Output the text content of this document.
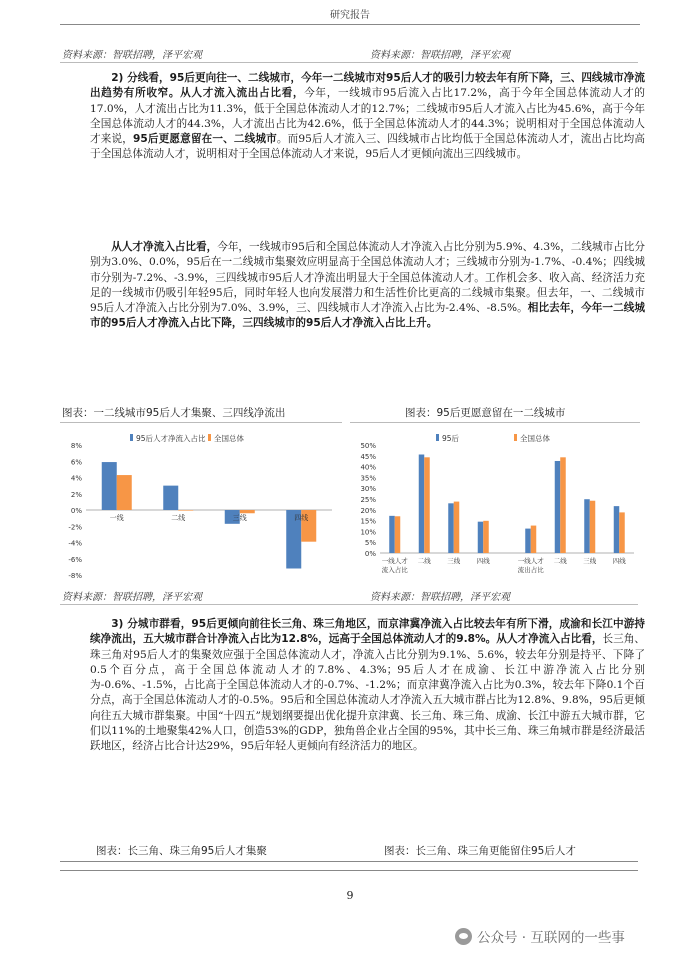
研究报告
资料来源：智联招聘，泽平宏观	资料来源：智联招聘，泽平宏观
2) 分线看，95后更向往一、二线城市，今年一二线城市对95后人才的吸引力较去年有所下降，三、四线城市净流出趋势有所收窄。从人才流入流出占比看，今年，一线城市95后流入占比17.2%，高于今年全国总体流动人才的17.0%，人才流出占比为11.3%，低于全国总体流动人才的12.7%；二线城市95后人才流入占比为45.6%，高于今年全国总体流动人才的44.3%，人才流出占比为42.6%，低于全国总体流动人才的44.3%；说明相对于全国总体流动人才来说，95后更愿意留在一、二线城市。而95后人才流入三、四线城市占比均低于全国总体流动人才，流出占比均高于全国总体流动人才，说明相对于全国总体流动人才来说，95后人才更倾向流出三四线城市。
从人才净流入占比看，今年，一线城市95后和全国总体流动人才净流入占比分别为5.9%、4.3%，二线城市占比分别为3.0%、0.0%，95后在一二线城市集聚效应明显高于全国总体流动人才；三线城市分别为-1.7%、-0.4%；四线城市分别为-7.2%、-3.9%，三四线城市95后人才净流出明显大于全国总体流动人才。工作机会多、收入高、经济活力充足的一线城市仍吸引年轻95后，同时年轻人也向发展潜力和生活性价比更高的二线城市集聚。但去年，一、二线城市95后人才净流入占比分别为7.0%、3.9%，三、四线城市人才净流入占比为-2.4%、-8.5%。相比去年，今年一二线城市的95后人才净流入占比下降，三四线城市的95后人才净流入占比上升。
图表：一二线城市95后人才集聚、三四线净流出	图表：95后更愿意留在一二线城市
95后人才净流入占比 全国总体
8%
6%
4%
2%
0%
-2%
-4%
-6%
-8%
一线	二线	三线	四线
95后	全国总体
50%
45%
40%
35%
30%
25%
20%
15%
10%
5%
0%
一线人才
流入占比
二线	三线	四线	一线人才
流出占比
二线	三线	四线
资料来源：智联招聘，泽平宏观	资料来源：智联招聘，泽平宏观
3) 分城市群看，95后更倾向前往长三角、珠三角地区，而京津冀净流入占比较去年有所下滑，成渝和长江中游持续净流出，五大城市群合计净流入占比为12.8%，远高于全国总体流动人才的9.8%。从人才净流入占比看，长三角、珠三角对95后人才的集聚效应强于全国总体流动人才，净流入占比分别为9.1%、5.6%，较去年分别是持平、下降了0.5个百分点，高于全国总体流动人才的7.8%、4.3%；95后人才在成渝、长江中游净流入占比分别为-0.6%、-1.5%，占比高于全国总体流动人才的-0.7%、-1.2%；而京津冀净流入占比为0.3%，较去年下降0.1个百分点，高于全国总体流动人才的-0.5%。95后和全国总体流动人才净流入五大城市群占比为12.8%、9.8%，95后更倾向往五大城市群集聚。中国“十四五”规划纲要提出优化提升京津冀、长三角、珠三角、成渝、长江中游五大城市群，它们以11%的土地聚集42%人口，创造53%的GDP，独角兽企业占全国的95%，其中长三角、珠三角城市群是经济最活跃地区，经济占比合计达29%，95后年轻人更倾向有经济活力的地区。
图表：长三角、珠三角95后人才集聚	图表：长三角、珠三角更能留住95后人才
9
公众号 · 互联网的一些事
